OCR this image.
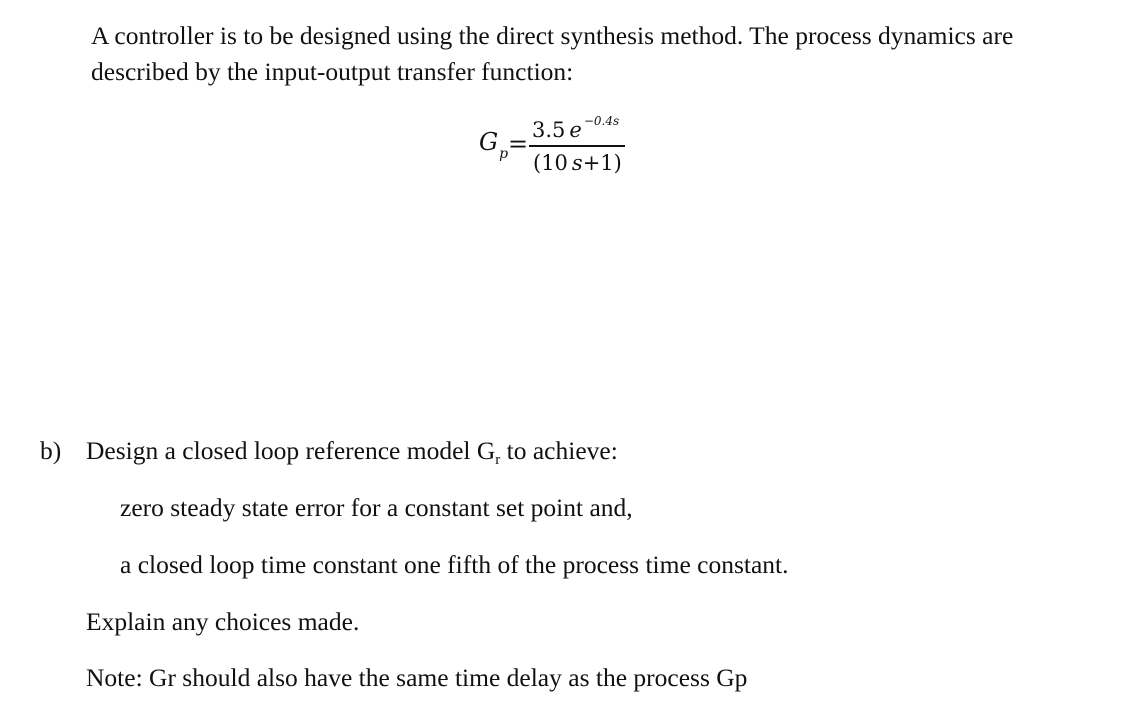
A controller is to be designed using the direct synthesis method. The process dynamics are
described by the input-output transfer function:
$G_p = 3.5$ e $^{-0.4s}$
(10 s+1)
b) Design a closed loop reference model Gr to achieve:
zero steady state error for a constant set point and,
a closed loop time constant one fifth of the process time constant.
Explain any choices made.
Note: Gr should also have the same time delay as the process Gp
